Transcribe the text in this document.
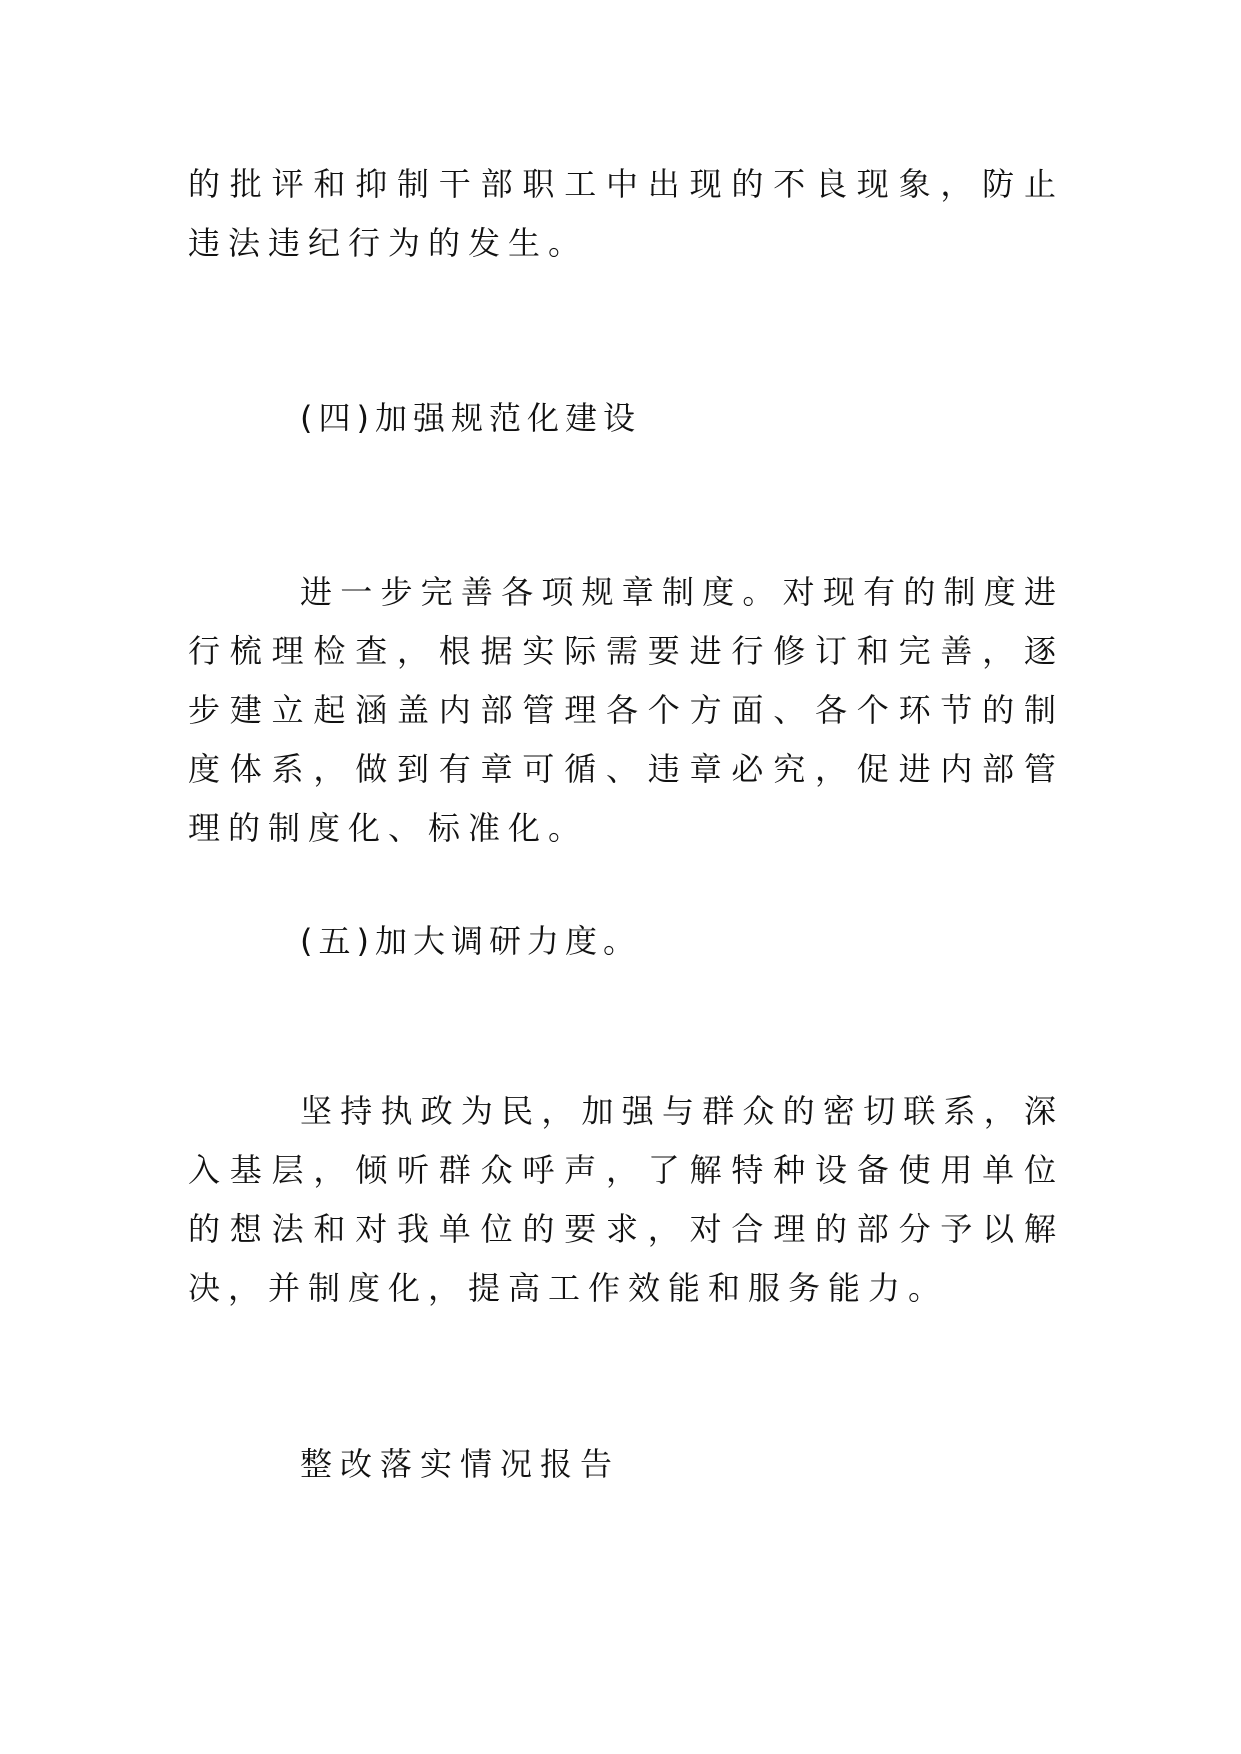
的批评和抑制干部职工中出现的不良现象，防止违法违纪行为的发生。

(四)加强规范化建设

进一步完善各项规章制度。对现有的制度进行梳理检查，根据实际需要进行修订和完善，逐步建立起涵盖内部管理各个方面、各个环节的制度体系，做到有章可循、违章必究，促进内部管理的制度化、标准化。

(五)加大调研力度。

坚持执政为民，加强与群众的密切联系，深入基层，倾听群众呼声，了解特种设备使用单位的想法和对我单位的要求，对合理的部分予以解决，并制度化，提高工作效能和服务能力。

整改落实情况报告
